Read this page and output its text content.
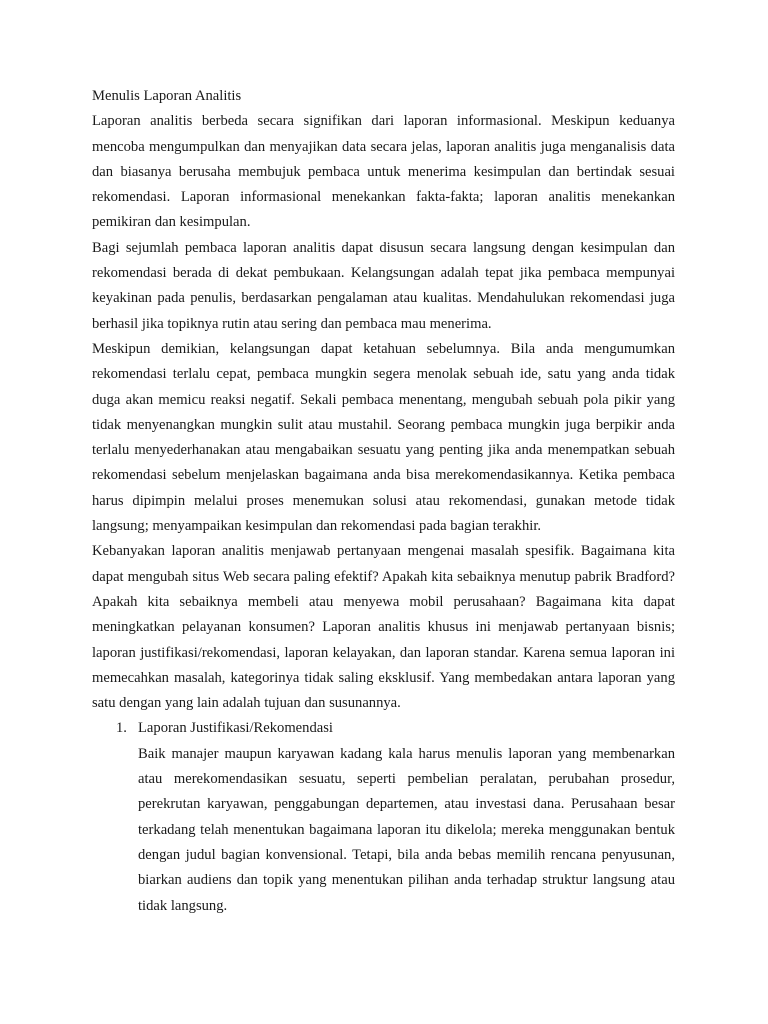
Menulis Laporan Analitis

Laporan analitis berbeda secara signifikan dari laporan informasional. Meskipun keduanya mencoba mengumpulkan dan menyajikan data secara jelas, laporan analitis juga menganalisis data dan biasanya berusaha membujuk pembaca untuk menerima kesimpulan dan bertindak sesuai rekomendasi. Laporan informasional menekankan fakta-fakta; laporan analitis menekankan pemikiran dan kesimpulan.

Bagi sejumlah pembaca laporan analitis dapat disusun secara langsung dengan kesimpulan dan rekomendasi berada di dekat pembukaan. Kelangsungan adalah tepat jika pembaca mempunyai keyakinan pada penulis, berdasarkan pengalaman atau kualitas. Mendahulukan rekomendasi juga berhasil jika topiknya rutin atau sering dan pembaca mau menerima.

Meskipun demikian, kelangsungan dapat ketahuan sebelumnya. Bila anda mengumumkan rekomendasi terlalu cepat, pembaca mungkin segera menolak sebuah ide, satu yang anda tidak duga akan memicu reaksi negatif. Sekali pembaca menentang, mengubah sebuah pola pikir yang tidak menyenangkan mungkin sulit atau mustahil. Seorang pembaca mungkin juga berpikir anda terlalu menyederhanakan atau mengabaikan sesuatu yang penting jika anda menempatkan sebuah rekomendasi sebelum menjelaskan bagaimana anda bisa merekomendasikannya. Ketika pembaca harus dipimpin melalui proses menemukan solusi atau rekomendasi, gunakan metode tidak langsung; menyampaikan kesimpulan dan rekomendasi pada bagian terakhir.

Kebanyakan laporan analitis menjawab pertanyaan mengenai masalah spesifik. Bagaimana kita dapat mengubah situs Web secara paling efektif? Apakah kita sebaiknya menutup pabrik Bradford? Apakah kita sebaiknya membeli atau menyewa mobil perusahaan? Bagaimana kita dapat meningkatkan pelayanan konsumen? Laporan analitis khusus ini menjawab pertanyaan bisnis; laporan justifikasi/rekomendasi, laporan kelayakan, dan laporan standar. Karena semua laporan ini memecahkan masalah, kategorinya tidak saling eksklusif. Yang membedakan antara laporan yang satu dengan yang lain adalah tujuan dan susunannya.

1. Laporan Justifikasi/Rekomendasi

Baik manajer maupun karyawan kadang kala harus menulis laporan yang membenarkan atau merekomendasikan sesuatu, seperti pembelian peralatan, perubahan prosedur, perekrutan karyawan, penggabungan departemen, atau investasi dana. Perusahaan besar terkadang telah menentukan bagaimana laporan itu dikelola; mereka menggunakan bentuk dengan judul bagian konvensional. Tetapi, bila anda bebas memilih rencana penyusunan, biarkan audiens dan topik yang menentukan pilihan anda terhadap struktur langsung atau tidak langsung.
